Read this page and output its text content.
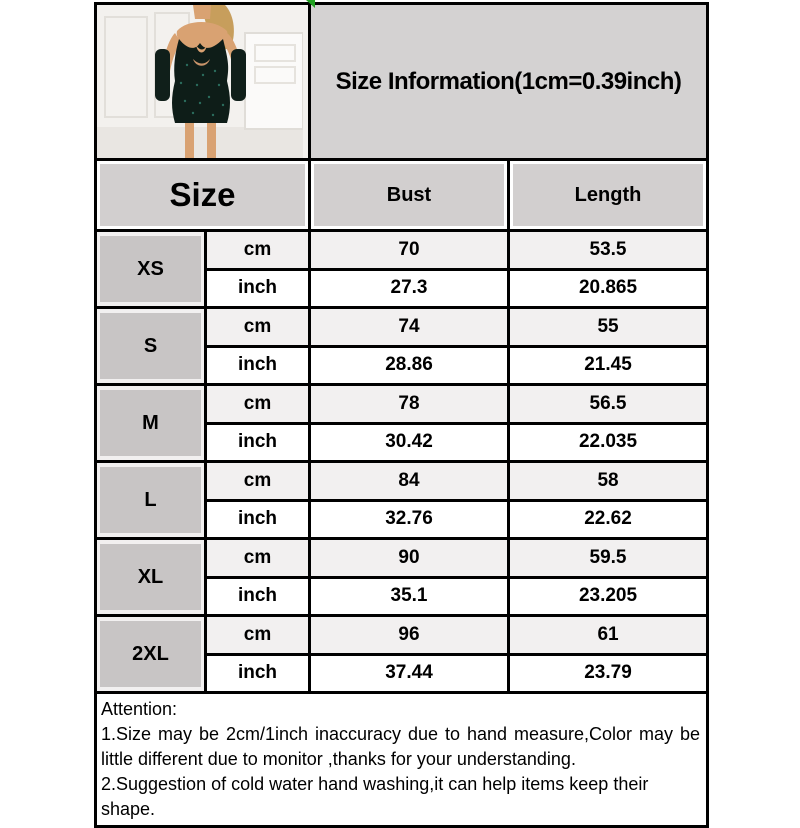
	Size Information(1cm=0.39inch)	

Size		Bust	Length

XS	cm	70	53.5
	inch	27.3	20.865

S	cm	74	55
	inch	28.86	21.45

M	cm	78	56.5
	inch	30.42	22.035

L	cm	84	58
	inch	32.76	22.62

XL	cm	90	59.5
	inch	35.1	23.205

2XL	cm	96	61
	inch	37.44	23.79

Attention:
1.Size may be 2cm/1inch inaccuracy due to hand measure,Color may be little different due to monitor ,thanks for your understanding.
2.Suggestion of cold water hand washing,it can help items keep their shape.			
